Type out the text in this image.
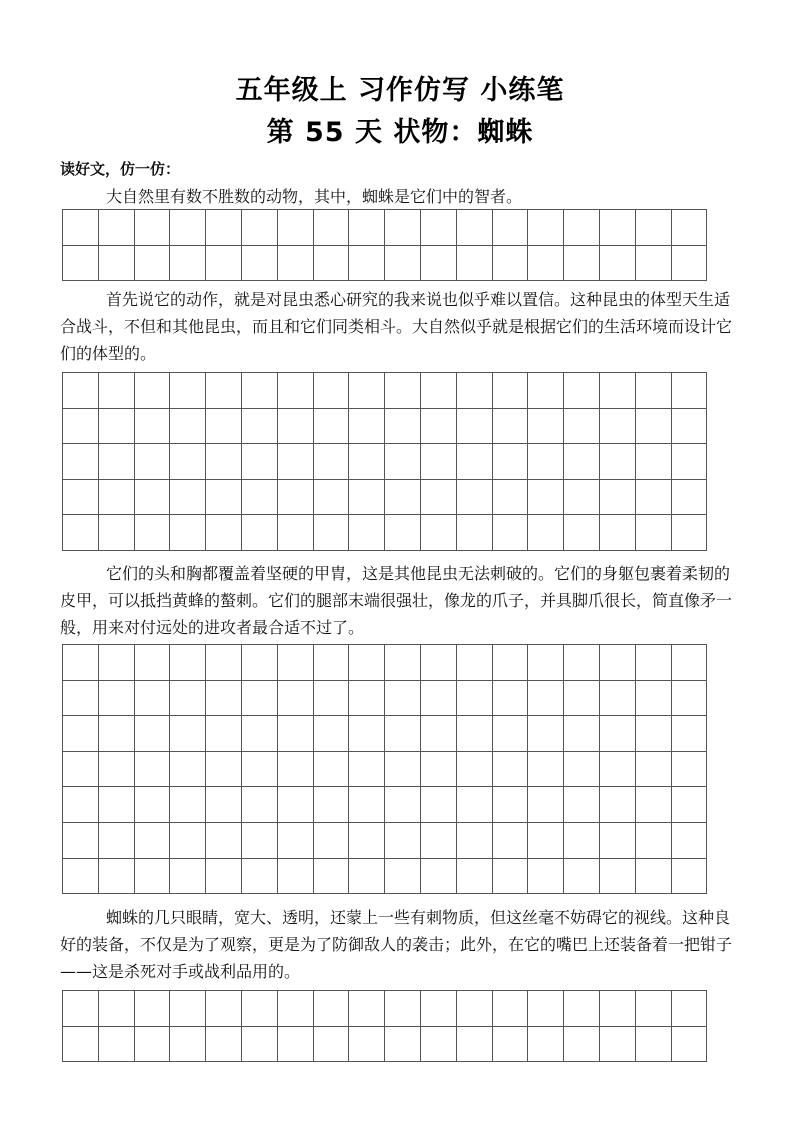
五年级上 习作仿写 小练笔
第 55 天 状物：蜘蛛
读好文，仿一仿：

大自然里有数不胜数的动物，其中，蜘蛛是它们中的智者。

首先说它的动作，就是对昆虫悉心研究的我来说也似乎难以置信。这种昆虫的体型天生适合战斗，不但和其他昆虫，而且和它们同类相斗。大自然似乎就是根据它们的生活环境而设计它们的体型的。

它们的头和胸都覆盖着坚硬的甲胄，这是其他昆虫无法刺破的。它们的身躯包裹着柔韧的皮甲，可以抵挡黄蜂的螯刺。它们的腿部末端很强壮，像龙的爪子，并具脚爪很长，简直像矛一般，用来对付远处的进攻者最合适不过了。

蜘蛛的几只眼睛，宽大、透明，还蒙上一些有刺物质，但这丝毫不妨碍它的视线。这种良好的装备，不仅是为了观察，更是为了防御敌人的袭击；此外，在它的嘴巴上还装备着一把钳子——这是杀死对手或战利品用的。
